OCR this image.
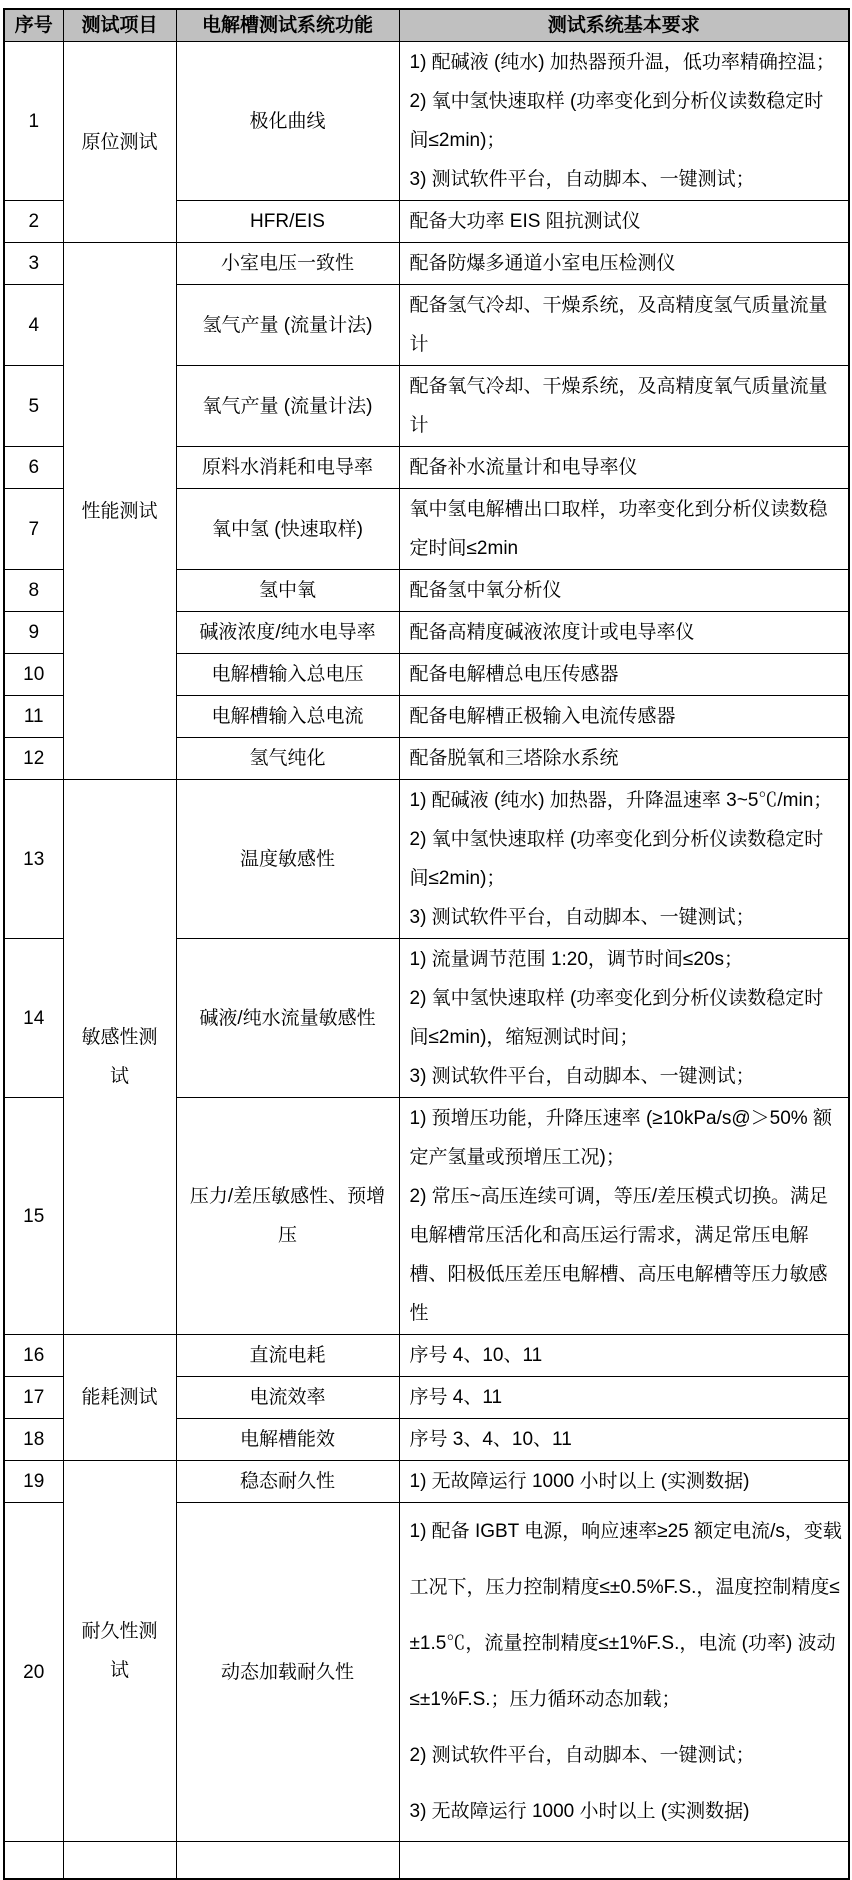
序号	测试项目	电解槽测试系统功能	测试系统基本要求
1	原位测试	极化曲线	1) 配碱液 (纯水) 加热器预升温，低功率精确控温；
2) 氧中氢快速取样 (功率变化到分析仪读数稳定时间≤2min)；
3) 测试软件平台，自动脚本、一键测试；

2		HFR/EIS	配备大功率 EIS 阻抗测试仪

3	性能测试	小室电压一致性	配备防爆多通道小室电压检测仪

4		氢气产量 (流量计法)	配备氢气冷却、干燥系统，及高精度氢气质量流量计

5		氧气产量 (流量计法)	配备氧气冷却、干燥系统，及高精度氧气质量流量计

6		原料水消耗和电导率	配备补水流量计和电导率仪

7		氧中氢 (快速取样)	氧中氢电解槽出口取样，功率变化到分析仪读数稳定时间≤2min

8		氢中氧	配备氢中氧分析仪

9		碱液浓度/纯水电导率	配备高精度碱液浓度计或电导率仪

10		电解槽输入总电压	配备电解槽总电压传感器

11		电解槽输入总电流	配备电解槽正极输入电流传感器

12		氢气纯化	配备脱氧和三塔除水系统

13	敏感性测试	温度敏感性	1) 配碱液 (纯水) 加热器，升降温速率 3~5℃/min；
2) 氧中氢快速取样 (功率变化到分析仪读数稳定时间≤2min)；
3) 测试软件平台，自动脚本、一键测试；

14		碱液/纯水流量敏感性	1) 流量调节范围 1:20，调节时间≤20s；
2) 氧中氢快速取样 (功率变化到分析仪读数稳定时间≤2min)，缩短测试时间；
3) 测试软件平台，自动脚本、一键测试；

15		压力/差压敏感性、预增压	1) 预增压功能，升降压速率 (≥10kPa/s@＞50% 额定产氢量或预增压工况)；
2) 常压~高压连续可调，等压/差压模式切换。满足电解槽常压活化和高压运行需求，满足常压电解槽、阳极低压差压电解槽、高压电解槽等压力敏感性

16	能耗测试	直流电耗	序号 4、10、11

17		电流效率	序号 4、11

18		电解槽能效	序号 3、4、10、11

19	耐久性测试	稳态耐久性	1) 无故障运行 1000 小时以上 (实测数据)

20		动态加载耐久性	1) 配备 IGBT 电源，响应速率≥25 额定电流/s，变载工况下，压力控制精度≤±0.5%F.S.，温度控制精度≤±1.5℃，流量控制精度≤±1%F.S.，电流 (功率) 波动≤±1%F.S.；压力循环动态加载；
2) 测试软件平台，自动脚本、一键测试；
3) 无故障运行 1000 小时以上 (实测数据)
